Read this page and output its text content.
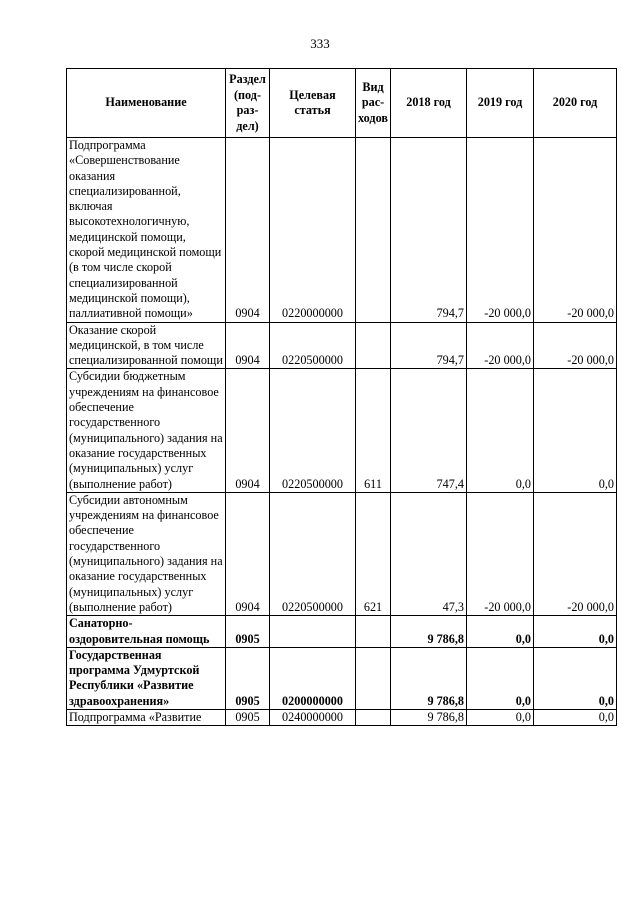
333
Наименование	Раздел (под-раз-дел)	Целевая статья	Вид рас-ходов	2018 год	2019 год	2020 год
Подпрограмма «Совершенствование оказания специализированной, включая высокотехнологичную, медицинской помощи, скорой медицинской помощи (в том числе скорой специализированной медицинской помощи), паллиативной помощи»	0904	0220000000		794,7	-20 000,0	-20 000,0
Оказание скорой медицинской, в том числе специализированной помощи	0904	0220500000		794,7	-20 000,0	-20 000,0
Субсидии бюджетным учреждениям на финансовое обеспечение государственного (муниципального) задания на оказание государственных (муниципальных) услуг (выполнение работ)	0904	0220500000	611	747,4	0,0	0,0
Субсидии автономным учреждениям на финансовое обеспечение государственного (муниципального) задания на оказание государственных (муниципальных) услуг (выполнение работ)	0904	0220500000	621	47,3	-20 000,0	-20 000,0
Санаторно-оздоровительная помощь	0905			9 786,8	0,0	0,0
Государственная программа Удмуртской Республики «Развитие здравоохранения»	0905	0200000000		9 786,8	0,0	0,0
Подпрограмма «Развитие	0905	0240000000		9 786,8	0,0	0,0
